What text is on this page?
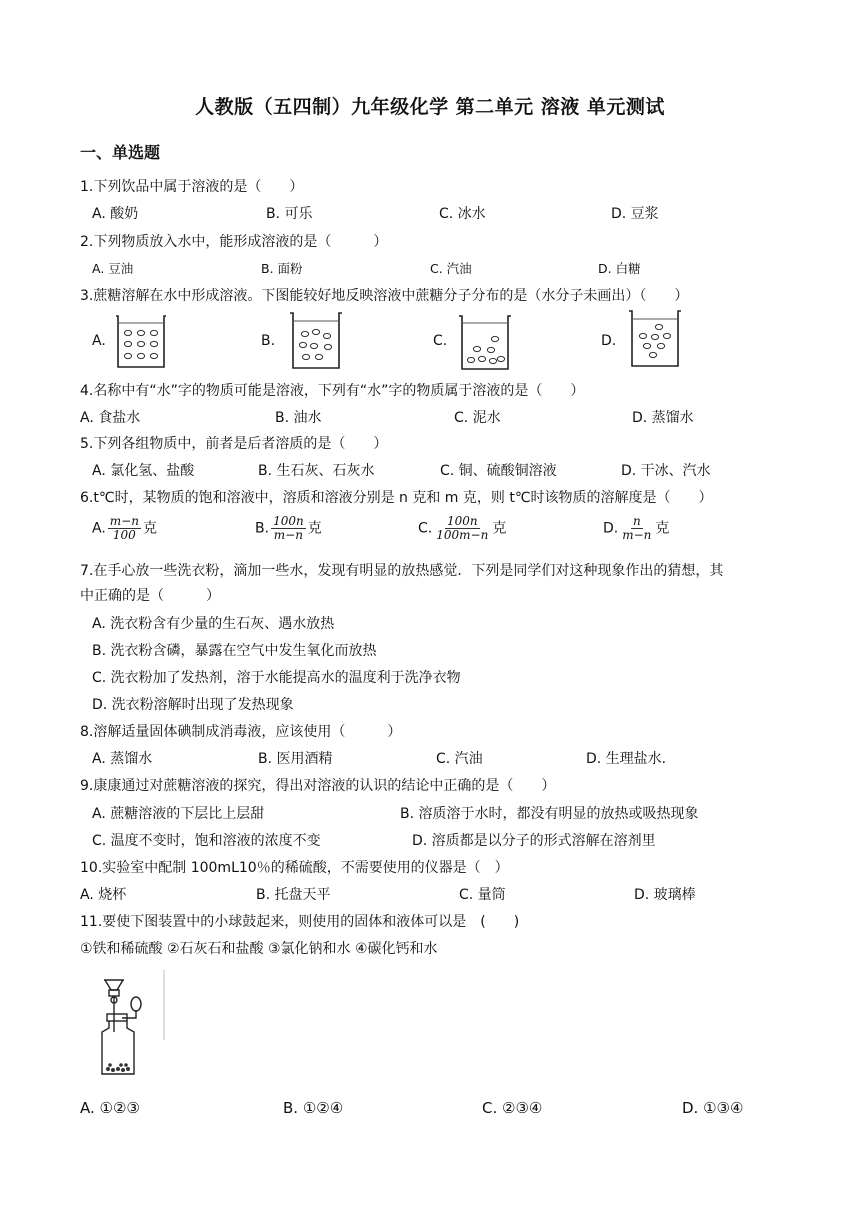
人教版（五四制）九年级化学 第二单元 溶液 单元测试
一、单选题
1.下列饮品中属于溶液的是（　　）
A. 酸奶	B. 可乐	C. 冰水	D. 豆浆
2.下列物质放入水中，能形成溶液的是（　　　）
A. 豆油	B. 面粉	C. 汽油	D. 白糖
3.蔗糖溶解在水中形成溶液。下图能较好地反映溶液中蔗糖分子分布的是（水分子未画出）（　　）
A.	B.	C.	D.
4.名称中有“水”字的物质可能是溶液，下列有“水”字的物质属于溶液的是（　　）
A. 食盐水	B. 油水	C. 泥水	D. 蒸馏水
5.下列各组物质中，前者是后者溶质的是（　　）
A. 氯化氢、盐酸	B. 生石灰、石灰水	C. 铜、硫酸铜溶液	D. 干冰、汽水
6.t℃时，某物质的饱和溶液中，溶质和溶液分别是 n 克和 m 克，则 t℃时该物质的溶解度是（　　）
A. $\frac{m-n}{100}$ 克	B. $\frac{100n}{m-n}$ 克	C. $\frac{100n}{100m-n}$ 克	D. $\frac{n}{m-n}$ 克
7.在手心放一些洗衣粉，滴加一些水，发现有明显的放热感觉．下列是同学们对这种现象作出的猜想，其
中正确的是（　　　）
A. 洗衣粉含有少量的生石灰、遇水放热
B. 洗衣粉含磷，暴露在空气中发生氧化而放热
C. 洗衣粉加了发热剂，溶于水能提高水的温度利于洗净衣物
D. 洗衣粉溶解时出现了发热现象
8.溶解适量固体碘制成消毒液，应该使用（　　　）
A. 蒸馏水	B. 医用酒精	C. 汽油	D. 生理盐水.
9.康康通过对蔗糖溶液的探究，得出对溶液的认识的结论中正确的是（　　）
A. 蔗糖溶液的下层比上层甜	B. 溶质溶于水时，都没有明显的放热或吸热现象
C. 温度不变时，饱和溶液的浓度不变	D. 溶质都是以分子的形式溶解在溶剂里
10.实验室中配制 100mL10％的稀硫酸，不需要使用的仪器是（　）
A. 烧杯	B. 托盘天平	C. 量筒	D. 玻璃棒
11.要使下图装置中的小球鼓起来，则使用的固体和液体可以是　(　　)
①铁和稀硫酸 ②石灰石和盐酸 ③氯化钠和水 ④碳化钙和水
A. ①②③	B. ①②④	C. ②③④	D. ①③④
